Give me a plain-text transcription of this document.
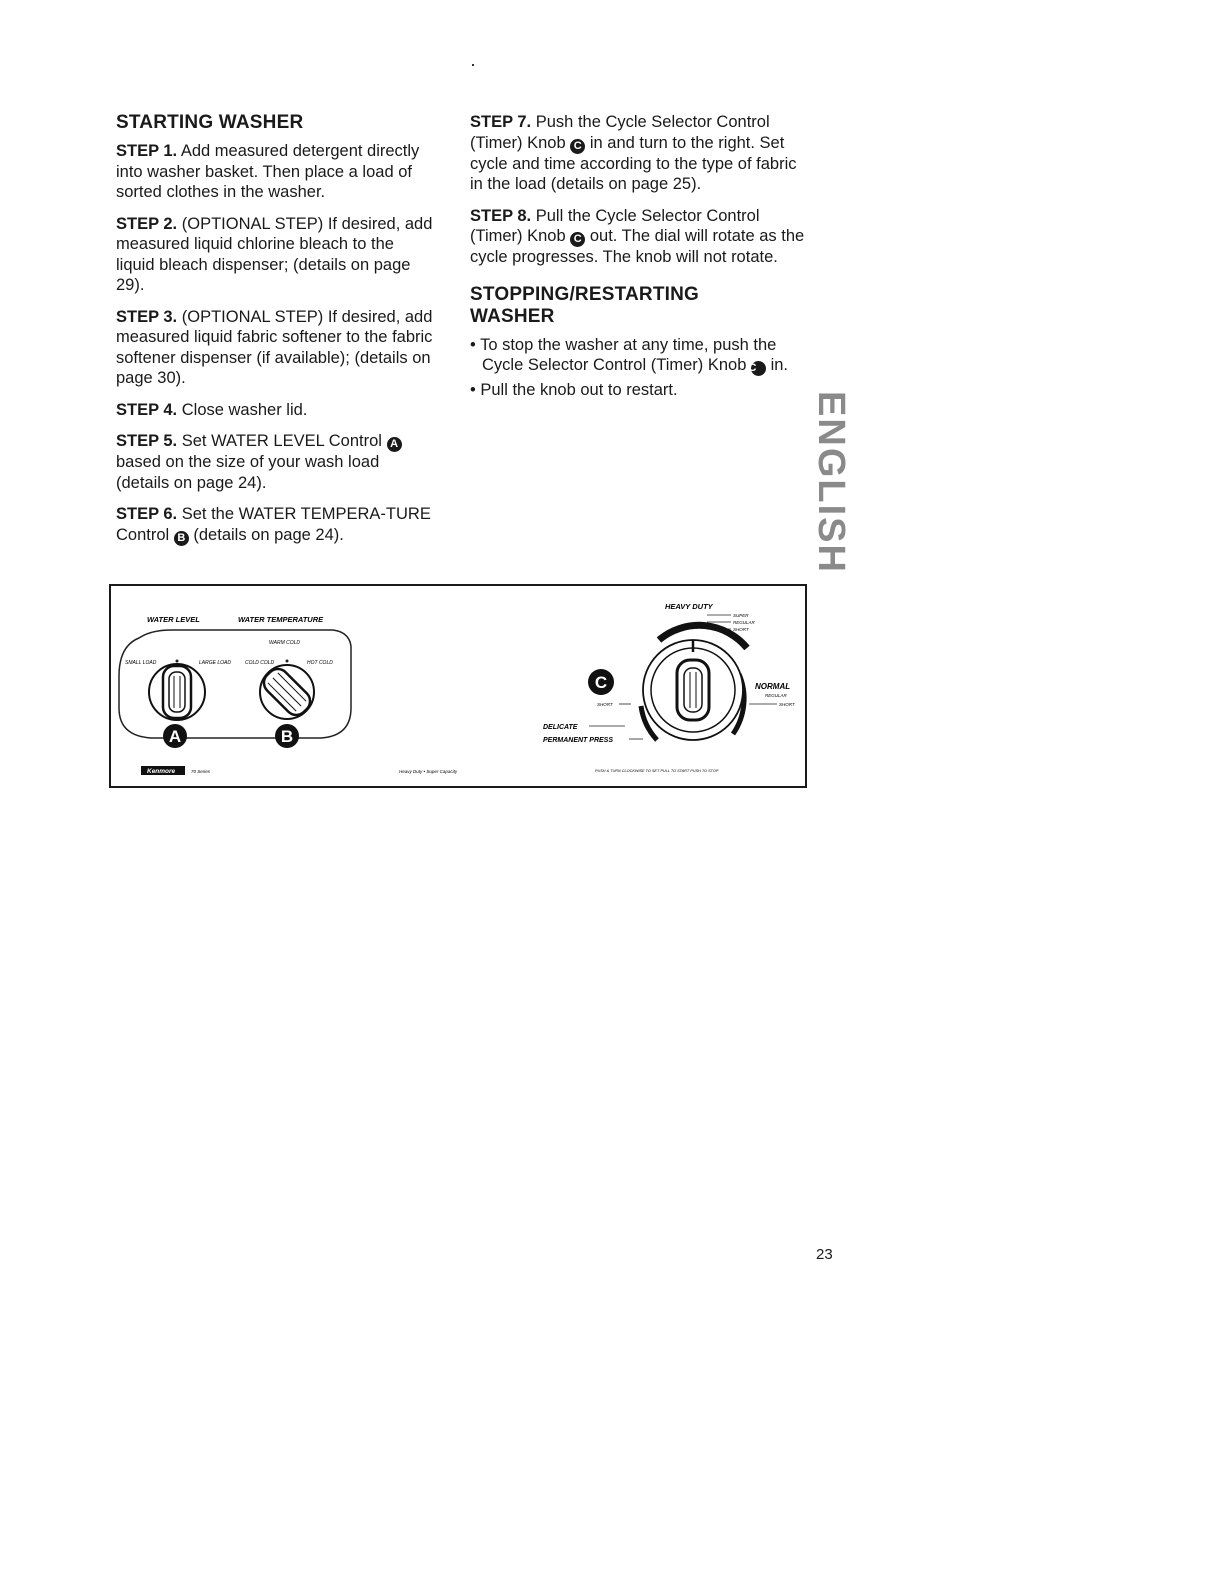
STARTING WASHER

STEP 1. Add measured detergent directly into washer basket. Then place a load of sorted clothes in the washer.

STEP 2. (OPTIONAL STEP) If desired, add measured liquid chlorine bleach to the liquid bleach dispenser; (details on page 29).

STEP 3. (OPTIONAL STEP) If desired, add measured liquid fabric softener to the fabric softener dispenser (if available); (details on page 30).

STEP 4. Close washer lid.

STEP 5. Set WATER LEVEL Control A based on the size of your wash load (details on page 24).

STEP 6. Set the WATER TEMPERA-TURE Control B (details on page 24).

STEP 7. Push the Cycle Selector Control (Timer) Knob C in and turn to the right. Set cycle and time according to the type of fabric in the load (details on page 25).

STEP 8. Pull the Cycle Selector Control (Timer) Knob C out. The dial will rotate as the cycle progresses. The knob will not rotate.

STOPPING/RESTARTING WASHER

• To stop the washer at any time, push the Cycle Selector Control (Timer) Knob C in.

• Pull the knob out to restart.

ENGLISH
WATER LEVEL	WATER TEMPERATURE
SMALL LOAD	LARGE LOAD
WARM COLD
COLD COLD	HOT COLD
A	B
HEAVY DUTY
SUPER
REGULAR
SHORT
C	NORMAL
REGULAR
SHORT
SHORT
DELICATE
PERMANENT PRESS
Kenmore	70 Series	Heavy Duty • Super Capacity	PUSH & TURN CLOCKWISE TO SET PULL TO START PUSH TO STOP
23
